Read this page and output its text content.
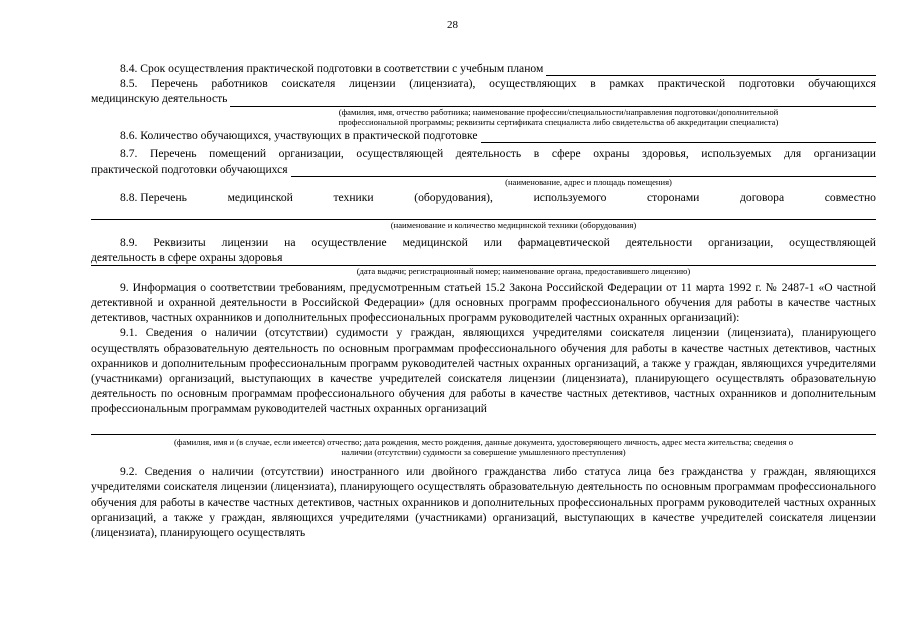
28
8.4. Срок осуществления практической подготовки в соответствии с учебным планом
8.5. Перечень работников соискателя лицензии (лицензиата), осуществляющих в рамках практической подготовки обучающихся
медицинскую деятельность
(фамилия, имя, отчество работника; наименование профессии/специальности/направления подготовки/дополнительной
профессиональной программы; реквизиты сертификата специалиста либо свидетельства об аккредитации специалиста)
8.6. Количество обучающихся, участвующих в практической подготовке
8.7. Перечень помещений организации, осуществляющей деятельность в сфере охраны здоровья, используемых для организации
практической подготовки обучающихся
(наименование, адрес и площадь помещения)
8.8. Перечень	медицинской	техники	(оборудования),	используемого	сторонами	договора	совместно
(наименование и количество медицинской техники (оборудования)
8.9. Реквизиты лицензии на осуществление медицинской или фармацевтической деятельности организации, осуществляющей
деятельность в сфере охраны здоровья
(дата выдачи; регистрационный номер; наименование органа, предоставившего лицензию)

9. Информация о соответствии требованиям, предусмотренным статьей 15.2 Закона Российской Федерации от 11 марта 1992 г. № 2487-1 «О частной детективной и охранной деятельности в Российской Федерации» (для основных программ профессионального обучения для работы в качестве частных детективов, частных охранников и дополнительных профессиональных программ руководителей частных охранных организаций):

9.1. Сведения о наличии (отсутствии) судимости у граждан, являющихся учредителями соискателя лицензии (лицензиата), планирующего осуществлять образовательную деятельность по основным программам профессионального обучения для работы в качестве частных детективов, частных охранников и дополнительным профессиональным программ руководителей частных охранных организаций, а также у граждан, являющихся учредителями (участниками) организаций, выступающих в качестве учредителей соискателя лицензии (лицензиата), планирующего осуществлять образовательную деятельность по основным программам профессионального обучения для работы в качестве частных детективов, частных охранников и дополнительным профессиональным программам руководителей частных охранных организаций

(фамилия, имя и (в случае, если имеется) отчество; дата рождения, место рождения, данные документа, удостоверяющего личность, адрес места жительства; сведения о
наличии (отсутствии) судимости за совершение умышленного преступления)

9.2. Сведения о наличии (отсутствии) иностранного или двойного гражданства либо статуса лица без гражданства у граждан, являющихся учредителями соискателя лицензии (лицензиата), планирующего осуществлять образовательную деятельность по основным программам профессионального обучения для работы в качестве частных детективов, частных охранников и дополнительных профессиональных программ руководителей частных охранных организаций, а также у граждан, являющихся учредителями (участниками) организаций, выступающих в качестве учредителей соискателя лицензии (лицензиата), планирующего осуществлять
